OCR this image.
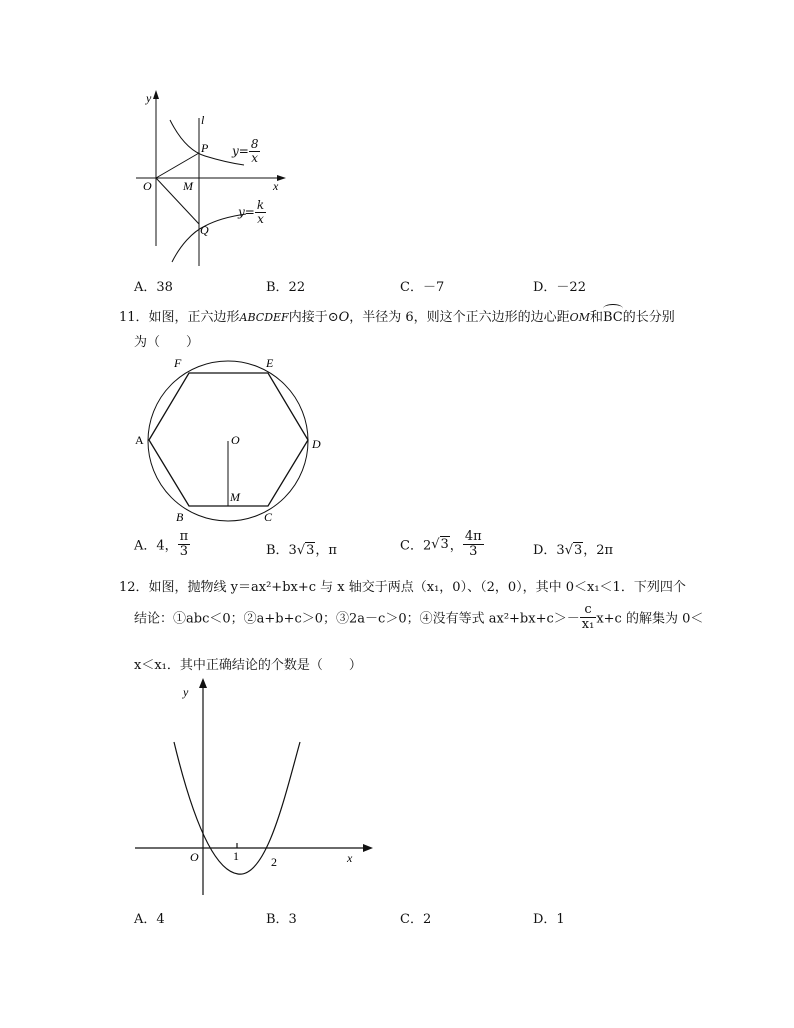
y
x
l
P
Q
O	M
$y= \frac{8}{x}$
$y= \frac{k}{x}$
A．38	B．22	C．－7	D．－22
11．如图，正六边形ABCDEF内接于⊙O，半径为 6，则这个正六边形的边心距OM和BC的长分别
为（　　）
A
B	C
D
E
F
O
M
A．4， $\frac{\pi}{3}$	B．3√3，π	C．2√3， $\frac{4\pi}{3}$	D．3√3，2π
12．如图，抛物线 y＝ax²+bx+c 与 x 轴交于两点（x₁，0）、（2，0），其中 0＜x₁＜1．下列四个
结论：①abc＜0；②a+b+c＞0；③2a－c＞0；④没有等式 $ax^2+bx+c>- \frac{c}{\text{x₁}} x+c$ 的解集为 0＜
x＜x₁．其中正确结论的个数是（　　）
y
x
O	1	2
A．4	B．3	C．2	D．1
